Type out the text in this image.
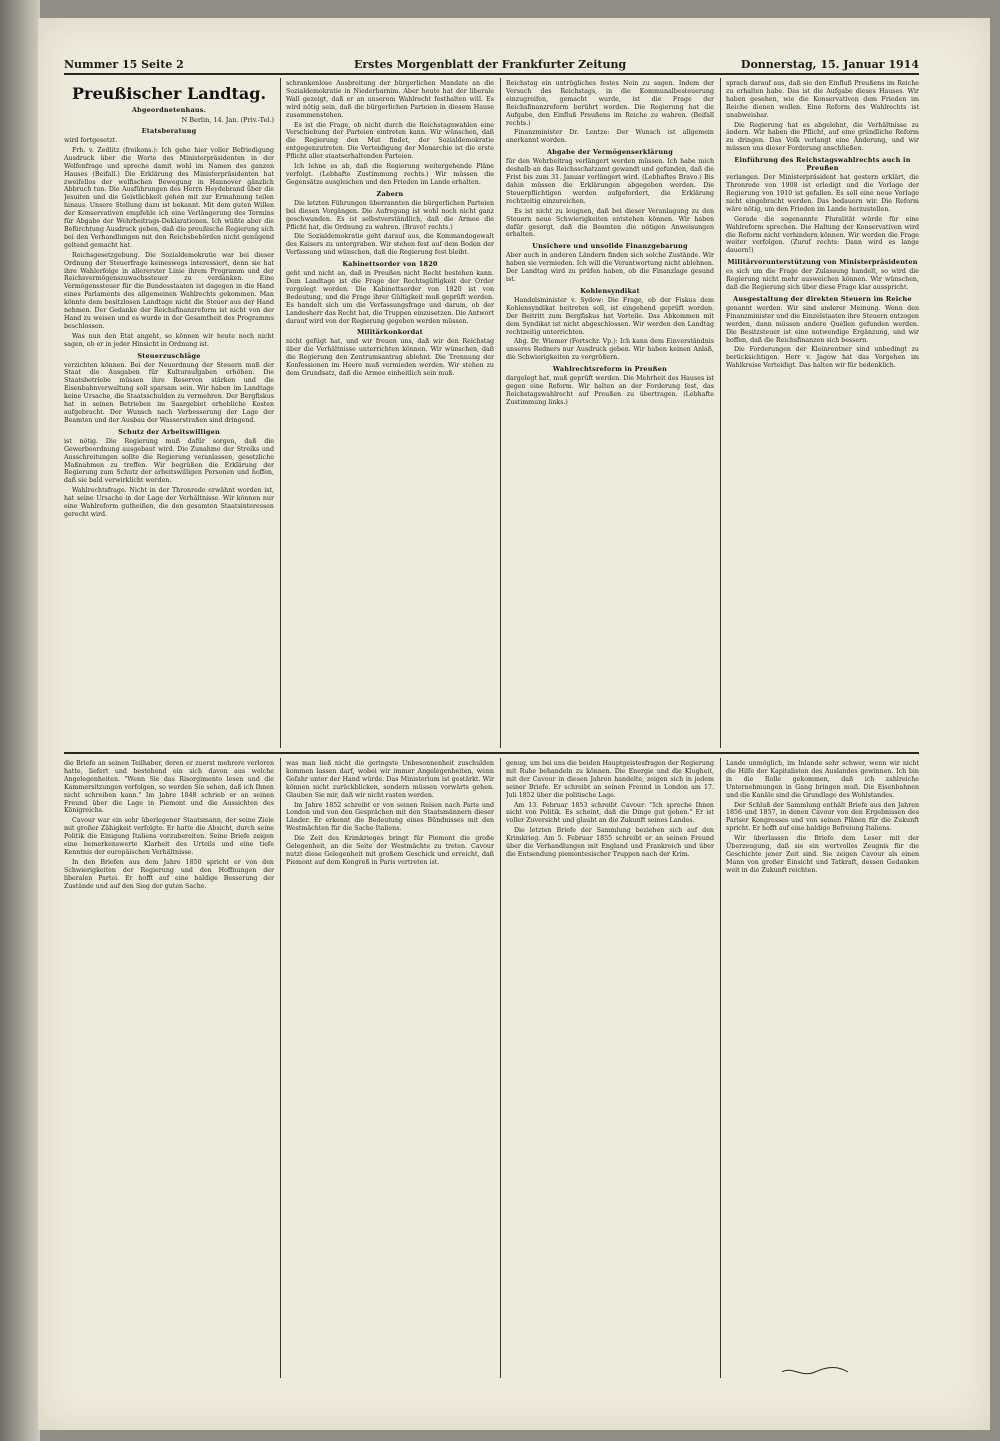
Nummer 15 Seite 2	Erstes Morgenblatt der Frankfurter Zeitung	Donnerstag, 15. Januar 1914
Preußischer Landtag.
Abgeordnetenhaus.
N Berlin, 14. Jan. (Priv.-Tel.)
Etatsberatung

wird fortgesetzt.

Frh. v. Zedlitz (freikons.): Ich gehe hier voller Befriedigung Ausdruck über die Worte des Ministerpräsidenten in der Welfenfrage und spreche damit wohl im Namen des ganzen Hauses (Beifall.) Die Erklärung des Ministerpräsidenten hat zweifellos der welfischen Bewegung in Hannover gänzlich Abbruch tun. Die Ausführungen des Herrn Heydebrand über die Jesuiten und die Geistlichkeit gehen mit zur Ermahnung teilen hinaus. Unsere Stellung dazu ist bekannt. Mit dem guten Willen der Konservativen empfehle ich eine Verlängerung des Termins für Abgabe der Wehrbeitrags-Deklarationen. Ich wüßte aber die Befürchtung Ausdruck geben, daß die preußische Regierung sich bei den Verhandlungen mit den Reichsbehörden nicht genügend geltend gemacht hat.

Reichsgesetzgebung. Die Sozialdemokratie war bei dieser Ordnung der Steuerfrage keineswegs interessiert, denn sie hat ihre Wahlerfolge in allererster Linie ihrem Programm und der Reichsvermögenszuwachssteuer zu verdanken. Eine Vermögenssteuer für die Bundesstaaten ist dagegen in die Hand eines Parlaments des allgemeinen Wahlrechts gekommen. Man könnte dem besitzlosen Landtage nicht die Steuer aus der Hand nehmen. Der Gedanke der Reichsfinanzreform ist nicht von der Hand zu weisen und es wurde in der Gesamtheit des Programms beschlossen.

Was nun den Etat angeht, so können wir heute noch nicht sagen, ob er in jeder Hinsicht in Ordnung ist.

Steuerzuschläge

verzichten können. Bei der Neuordnung der Steuern muß der Staat die Ausgaben für Kulturaufgaben erhöhen. Die Staatsbetriebe müssen ihre Reserven stärken und die Eisenbahnverwaltung soll sparsam sein. Wir haben im Landtage keine Ursache, die Staatsschulden zu vermehren. Der Bergfiskus hat in seinen Betrieben im Saargebiet erhebliche Kosten aufgebracht. Der Wunsch nach Verbesserung der Lage der Beamten und der Ausbau der Wasserstraßen sind dringend.

Schutz der Arbeitswilligen

ist nötig. Die Regierung muß dafür sorgen, daß die Gewerbeordnung ausgebaut wird. Die Zunahme der Streiks und Ausschreitungen sollte die Regierung veranlassen, gesetzliche Maßnahmen zu treffen. Wir begrüßen die Erklärung der Regierung zum Schutz der arbeitswilligen Personen und hoffen, daß sie bald verwirklicht werden.

Wahlrechtsfrage. Nicht in der Thronrede erwähnt worden ist, hat seine Ursache in der Lage der Verhältnisse. Wir können nur eine Wahlreform gutheißen, die den gesamten Staatsinteressen gerecht wird.

schrankenlose Ausbreitung der bürgerlichen Mandate an die Sozialdemokratie in Niederbarnim. Aber heute hat der liberale Wall gezeigt, daß er an unserem Wahlrecht festhalten will. Es wird nötig sein, daß die bürgerlichen Parteien in diesem Hause zusammenstehen.

Es ist die Frage, ob nicht durch die Reichstagswahlen eine Verschiebung der Parteien eintreten kann. Wir wünschen, daß die Regierung den Mut findet, der Sozialdemokratie entgegenzutreten. Die Verteidigung der Monarchie ist die erste Pflicht aller staatserhaltenden Parteien.

Ich lehne es ab, daß die Regierung weitergehende Pläne verfolgt. (Lebhafte Zustimmung rechts.) Wir müssen die Gegensätze ausgleichen und den Frieden im Lande erhalten.

Zabern

Die letzten Führungen überrannten die bürgerlichen Parteien bei diesen Vorgängen. Die Aufregung ist wohl noch nicht ganz geschwunden. Es ist selbstverständlich, daß die Armee die Pflicht hat, die Ordnung zu wahren. (Bravo! rechts.)

Die Sozialdemokratie geht darauf aus, die Kommandogewalt des Kaisers zu untergraben. Wir stehen fest auf dem Boden der Verfassung und wünschen, daß die Regierung fest bleibt.

Kabinettsorder von 1820

geht und nicht an, daß in Preußen nicht Recht bestehen kann. Dem Landtage ist die Frage der Rechtsgültigkeit der Order vorgelegt worden. Die Kabinettsorder von 1820 ist von Bedeutung, und die Frage ihrer Gültigkeit muß geprüft werden. Es handelt sich um die Verfassungsfrage und darum, ob der Landesherr das Recht hat, die Truppen einzusetzen. Die Antwort darauf wird von der Regierung gegeben werden müssen.

Militärkonkordat

nicht gefügt hat, und wir freuen uns, daß wir den Reichstag über die Verhältnisse unterrichten können. Wir wünschen, daß die Regierung den Zentrumsantrag ablehnt. Die Trennung der Konfessionen im Heere muß vermieden werden. Wir stehen zu dem Grundsatz, daß die Armee einheitlich sein muß.

Reichstag ein untrügliches festes Nein zu sagen. Indem der Versuch des Reichstags, in die Kommunalbesteuerung einzugreifen, gemacht wurde, ist die Frage der Reichsfinanzreform berührt worden. Die Regierung hat die Aufgabe, den Einfluß Preußens im Reiche zu wahren. (Beifall rechts.)

Finanzminister Dr. Lentze: Der Wunsch ist allgemein anerkannt worden.

Abgabe der Vermögenserklärung

für den Wehrbeitrag verlängert werden müssen. Ich habe mich deshalb an das Reichsschatzamt gewandt und gefunden, daß die Frist bis zum 31. Januar verlängert wird. (Lebhaftes Bravo.) Bis dahin müssen die Erklärungen abgegeben werden. Die Steuerpflichtigen werden aufgefordert, die Erklärung rechtzeitig einzureichen.

Es ist nicht zu leugnen, daß bei dieser Veranlagung zu den Steuern neue Schwierigkeiten entstehen können. Wir haben dafür gesorgt, daß die Beamten die nötigen Anweisungen erhalten.

Unsichere und unsolide Finanzgebarung

Aber auch in anderen Ländern finden sich solche Zustände. Wir haben sie vermieden. Ich will die Verantwortung nicht ablehnen. Der Landtag wird zu prüfen haben, ob die Finanzlage gesund ist.

Kohlensyndikat

Handelsminister v. Sydow: Die Frage, ob der Fiskus dem Kohlensyndikat beitreten soll, ist eingehend geprüft worden. Der Beitritt zum Bergfiskus hat Vorteile. Das Abkommen mit dem Syndikat ist nicht abgeschlossen. Wir werden den Landtag rechtzeitig unterrichten.

Abg. Dr. Wiemer (Fortschr. Vp.): Ich kann dem Einverständnis unseres Redners nur Ausdruck geben. Wir haben keinen Anlaß, die Schwierigkeiten zu vergrößern.

Wahlrechtsreform in Preußen

dargelegt hat, muß geprüft werden. Die Mehrheit des Hauses ist gegen eine Reform. Wir halten an der Forderung fest, das Reichstagswahlrecht auf Preußen zu übertragen. (Lebhafte Zustimmung links.)

sprach darauf aus, daß sie den Einfluß Preußens im Reiche zu erhalten habe. Das ist die Aufgabe dieses Hauses. Wir haben gesehen, wie die Konservativen dem Frieden im Reiche dienen wollen. Eine Reform des Wahlrechts ist unabweisbar.

Die Regierung hat es abgelehnt, die Verhältnisse zu ändern. Wir haben die Pflicht, auf eine gründliche Reform zu dringen. Das Volk verlangt eine Änderung, und wir müssen uns dieser Forderung anschließen.

Einführung des Reichstagswahlrechts auch in Preußen

verlangen. Der Ministerpräsident hat gestern erklärt, die Thronrede von 1908 ist erledigt und die Vorlage der Regierung von 1910 ist gefallen. Es soll eine neue Vorlage nicht eingebracht werden. Das bedauern wir. Die Reform wäre nötig, um den Frieden im Lande herzustellen.

Gerade die sogenannte Pluralität würde für eine Wahlreform sprechen. Die Haltung der Konservativen wird die Reform nicht verhindern können. Wir werden die Frage weiter verfolgen. (Zuruf rechts: Dann wird es lange dauern!)

Militärvorunterstützung von Ministerpräsidenten

es sich um die Frage der Zulassung handelt, so wird die Regierung nicht mehr ausweichen können. Wir wünschen, daß die Regierung sich über diese Frage klar ausspricht.

Ausgestaltung der direkten Steuern im Reiche

genannt werden. Wir sind anderer Meinung. Wenn den Finanzminister und die Einzelstaaten ihre Steuern entzogen werden, dann müssen andere Quellen gefunden werden. Die Besitzsteuer ist eine notwendige Ergänzung, und wir hoffen, daß die Reichsfinanzen sich bessern.

Die Forderungen der Kleinrentner sind unbedingt zu berücksichtigen. Herr v. Jagow hat das Vorgehen im Wahlkreise Verteidigt. Das halten wir für bedenklich.

die Briefe an seinen Teilhaber, deren er zuerst mehrere verloren hatte, liefert und bestehend ein sich davon aus welche Angelegenheiten. "Wenn Sie das Risorgimento lesen und die Kammersitzungen verfolgen, so werden Sie sehen, daß ich Ihnen nicht schreiben kann." Im Jahre 1848 schrieb er an seinen Freund über die Lage in Piemont und die Aussichten des Königreichs.

Cavour war ein sehr überlegener Staatsmann, der seine Ziele mit großer Zähigkeit verfolgte. Er hatte die Absicht, durch seine Politik die Einigung Italiens vorzubereiten. Seine Briefe zeigen eine bemerkenswerte Klarheit des Urteils und eine tiefe Kenntnis der europäischen Verhältnisse.

In den Briefen aus dem Jahre 1850 spricht er von den Schwierigkeiten der Regierung und den Hoffnungen der liberalen Partei. Er hofft auf eine baldige Besserung der Zustände und auf den Sieg der guten Sache.

was man ließ nicht die geringste Unbesonnenheit zuschulden kommen lassen darf, wobei wir immer Angelegenheiten, wenn Gefahr unter der Hand würde. Das Ministerium ist gestärkt. Wir können nicht zurückblicken, sondern müssen vorwärts gehen. Glauben Sie mir, daß wir nicht rasten werden.

Im Jahre 1852 schreibt er von seinen Reisen nach Paris und London und von den Gesprächen mit den Staatsmännern dieser Länder. Er erkennt die Bedeutung eines Bündnisses mit den Westmächten für die Sache Italiens.

Die Zeit des Krimkrieges bringt für Piemont die große Gelegenheit, an die Seite der Westmächte zu treten. Cavour nutzt diese Gelegenheit mit großem Geschick und erreicht, daß Piemont auf dem Kongreß in Paris vertreten ist.

genug, um bei uns die beiden Hauptgeistesfragen der Regierung mit Ruhe behandeln zu können. Die Energie und die Klugheit, mit der Cavour in diesen Jahren handelte, zeigen sich in jedem seiner Briefe. Er schreibt an seinen Freund in London am 17. Juli 1852 über die politische Lage.

Am 13. Februar 1853 schreibt Cavour: "Ich spreche Ihnen nicht von Politik. Es scheint, daß die Dinge gut gehen." Er ist voller Zuversicht und glaubt an die Zukunft seines Landes.

Die letzten Briefe der Sammlung beziehen sich auf den Krimkrieg. Am 5. Februar 1855 schreibt er an seinen Freund über die Verhandlungen mit England und Frankreich und über die Entsendung piemontesischer Truppen nach der Krim.

Lande unmöglich, im Inlande sehr schwer, wenn wir nicht die Hilfe der Kapitalisten des Auslandes gewinnen. Ich bin in die Rolle gekommen, daß ich zahlreiche Unternehmungen in Gang bringen muß. Die Eisenbahnen und die Kanäle sind die Grundlage des Wohlstandes.

Der Schluß der Sammlung enthält Briefe aus den Jahren 1856 und 1857, in denen Cavour von den Ergebnissen des Pariser Kongresses und von seinen Plänen für die Zukunft spricht. Er hofft auf eine baldige Befreiung Italiens.

Wir überlassen die Briefe dem Leser mit der Überzeugung, daß sie ein wertvolles Zeugnis für die Geschichte jener Zeit sind. Sie zeigen Cavour als einen Mann von großer Einsicht und Tatkraft, dessen Gedanken weit in die Zukunft reichten.
